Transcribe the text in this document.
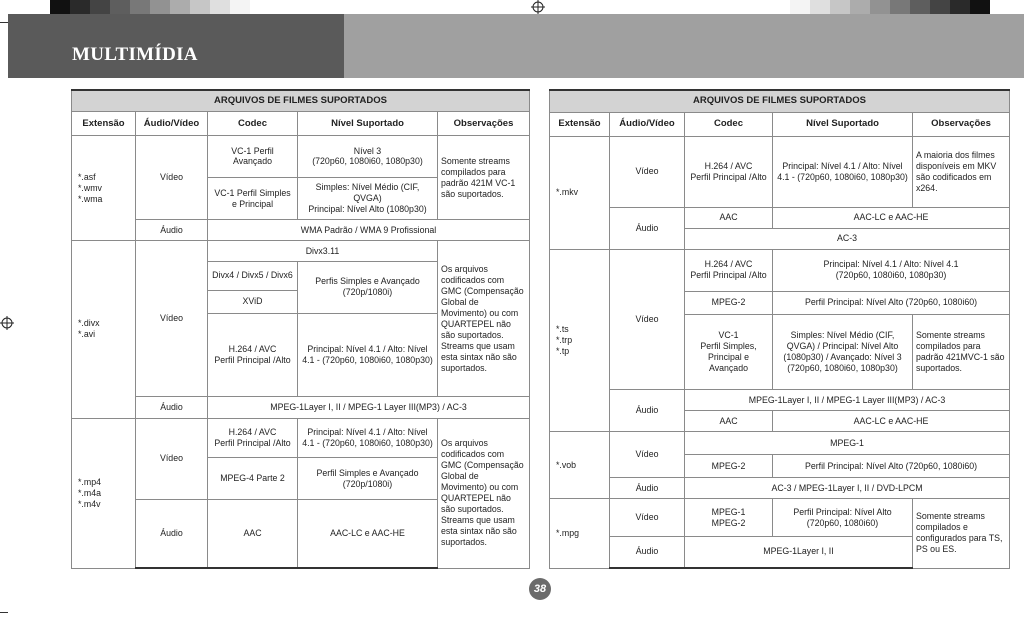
MULTIMÍDIA
ARQUIVOS DE FILMES SUPORTADOS				
Extensão	Áudio/Vídeo	Codec	Nível Suportado	Observações
*.asf
*.wmv
*.wma	Vídeo	VC-1 Perfil Avançado	Nível 3
(720p60, 1080i60, 1080p30)	Somente streams compilados para padrão 421M VC-1 são suportados.
		VC-1 Perfil Simples e Principal	Simples: Nível Médio (CIF, QVGA)
Principal: Nível Alto (1080p30)	
	Áudio	WMA Padrão / WMA 9 Profissional		
*.divx
*.avi	Vídeo	Divx3.11		Os arquivos codificados com GMC (Compensação Global de Movimento) ou com QUARTEPEL não são suportados. Streams que usam esta sintax não são suportados.
		Divx4 / Divx5 / Divx6	Perfis Simples e Avançado
(720p/1080i)	
		XViD		
		H.264 / AVC
Perfil Principal /Alto	Principal: Nível 4.1 / Alto: Nível 4.1 - (720p60, 1080i60, 1080p30)	
	Áudio	MPEG-1Layer I, II / MPEG-1 Layer III(MP3) / AC-3		
*.mp4
*.m4a
*.m4v	Vídeo	H.264 / AVC
Perfil Principal /Alto	Principal: Nível 4.1 / Alto: Nível 4.1 - (720p60, 1080i60, 1080p30)	Os arquivos codificados com GMC (Compensação Global de Movimento) ou com QUARTEPEL não são suportados. Streams que usam esta sintax não são suportados.
		MPEG-4 Parte 2	Perfil Simples e Avançado
(720p/1080i)	
	Áudio	AAC	AAC-LC e AAC-HE	
ARQUIVOS DE FILMES SUPORTADOS				
Extensão	Áudio/Vídeo	Codec	Nível Suportado	Observações
*.mkv	Vídeo	H.264 / AVC
Perfil Principal /Alto	Principal: Nível 4.1 / Alto: Nível 4.1 - (720p60, 1080i60, 1080p30)	A maioria dos filmes disponíveis em MKV são codificados em x264.
	Áudio	AAC	AAC-LC e AAC-HE	
		AC-3		
*.ts
*.trp
*.tp	Vídeo	H.264 / AVC
Perfil Principal /Alto	Principal: Nível 4.1 / Alto: Nível 4.1
(720p60, 1080i60, 1080p30)	
		MPEG-2	Perfil Principal: Nível Alto (720p60, 1080i60)	
		VC-1
Perfil Simples,
Principal e Avançado	Simples: Nível Médio (CIF, QVGA) / Principal: Nível Alto (1080p30) / Avançado: Nível 3 (720p60, 1080i60, 1080p30)	Somente streams compilados para padrão 421MVC-1 são suportados.
	Áudio	MPEG-1Layer I, II / MPEG-1 Layer III(MP3) / AC-3		
		AAC	AAC-LC e AAC-HE	
*.vob	Vídeo	MPEG-1		
		MPEG-2	Perfil Principal: Nível Alto (720p60, 1080i60)	
	Áudio	AC-3 / MPEG-1Layer I, II / DVD-LPCM		
*.mpg	Vídeo	MPEG-1
MPEG-2	Perfil Principal: Nível Alto
(720p60, 1080i60)	Somente streams compilados e configurados para TS, PS ou ES.
	Áudio	MPEG-1Layer I, II		
38
